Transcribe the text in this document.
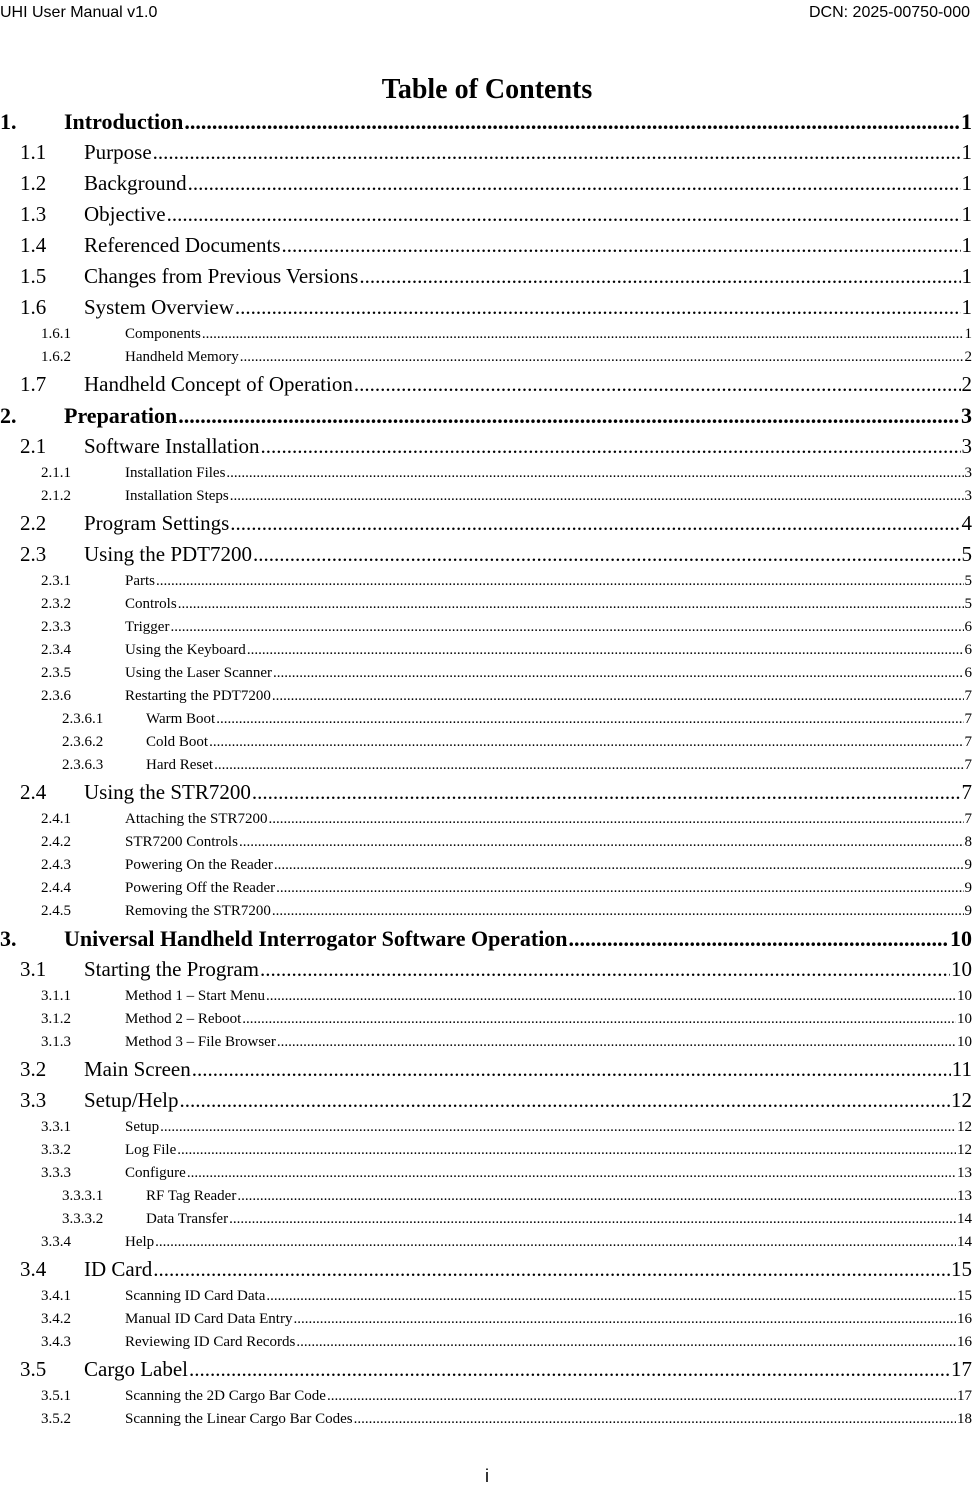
UHI User Manual v1.0	DCN: 2025-00750-000
Table of Contents
1.	Introduction .....	1
1.1	Purpose .....	1
1.2	Background .....	1
1.3	Objective .....	1
1.4	Referenced Documents .....	1
1.5	Changes from Previous Versions .....	1
1.6	System Overview .....	1
1.6.1	Components .....	1
1.6.2	Handheld Memory .....	2
1.7	Handheld Concept of Operation .....	2
2.	Preparation .....	3
2.1	Software Installation .....	3
2.1.1	Installation Files .....	3
2.1.2	Installation Steps .....	3
2.2	Program Settings .....	4
2.3	Using the PDT7200 .....	5
2.3.1	Parts .....	5
2.3.2	Controls .....	5
2.3.3	Trigger .....	6
2.3.4	Using the Keyboard .....	6
2.3.5	Using the Laser Scanner .....	6
2.3.6	Restarting the PDT7200 .....	7
2.3.6.1	Warm Boot .....	7
2.3.6.2	Cold Boot .....	7
2.3.6.3	Hard Reset .....	7
2.4	Using the STR7200 .....	7
2.4.1	Attaching the STR7200 .....	7
2.4.2	STR7200 Controls .....	8
2.4.3	Powering On the Reader .....	9
2.4.4	Powering Off the Reader .....	9
2.4.5	Removing the STR7200 .....	9
3.	Universal Handheld Interrogator Software Operation .....	10
3.1	Starting the Program .....	10
3.1.1	Method 1 – Start Menu .....	10
3.1.2	Method 2 – Reboot .....	10
3.1.3	Method 3 – File Browser .....	10
3.2	Main Screen .....	11
3.3	Setup/Help .....	12
3.3.1	Setup .....	12
3.3.2	Log File .....	12
3.3.3	Configure .....	13
3.3.3.1	RF Tag Reader .....	13
3.3.3.2	Data Transfer .....	14
3.3.4	Help .....	14
3.4	ID Card .....	15
3.4.1	Scanning ID Card Data .....	15
3.4.2	Manual ID Card Data Entry .....	16
3.4.3	Reviewing ID Card Records .....	16
3.5	Cargo Label .....	17
3.5.1	Scanning the 2D Cargo Bar Code .....	17
3.5.2	Scanning the Linear Cargo Bar Codes .....	18
i
